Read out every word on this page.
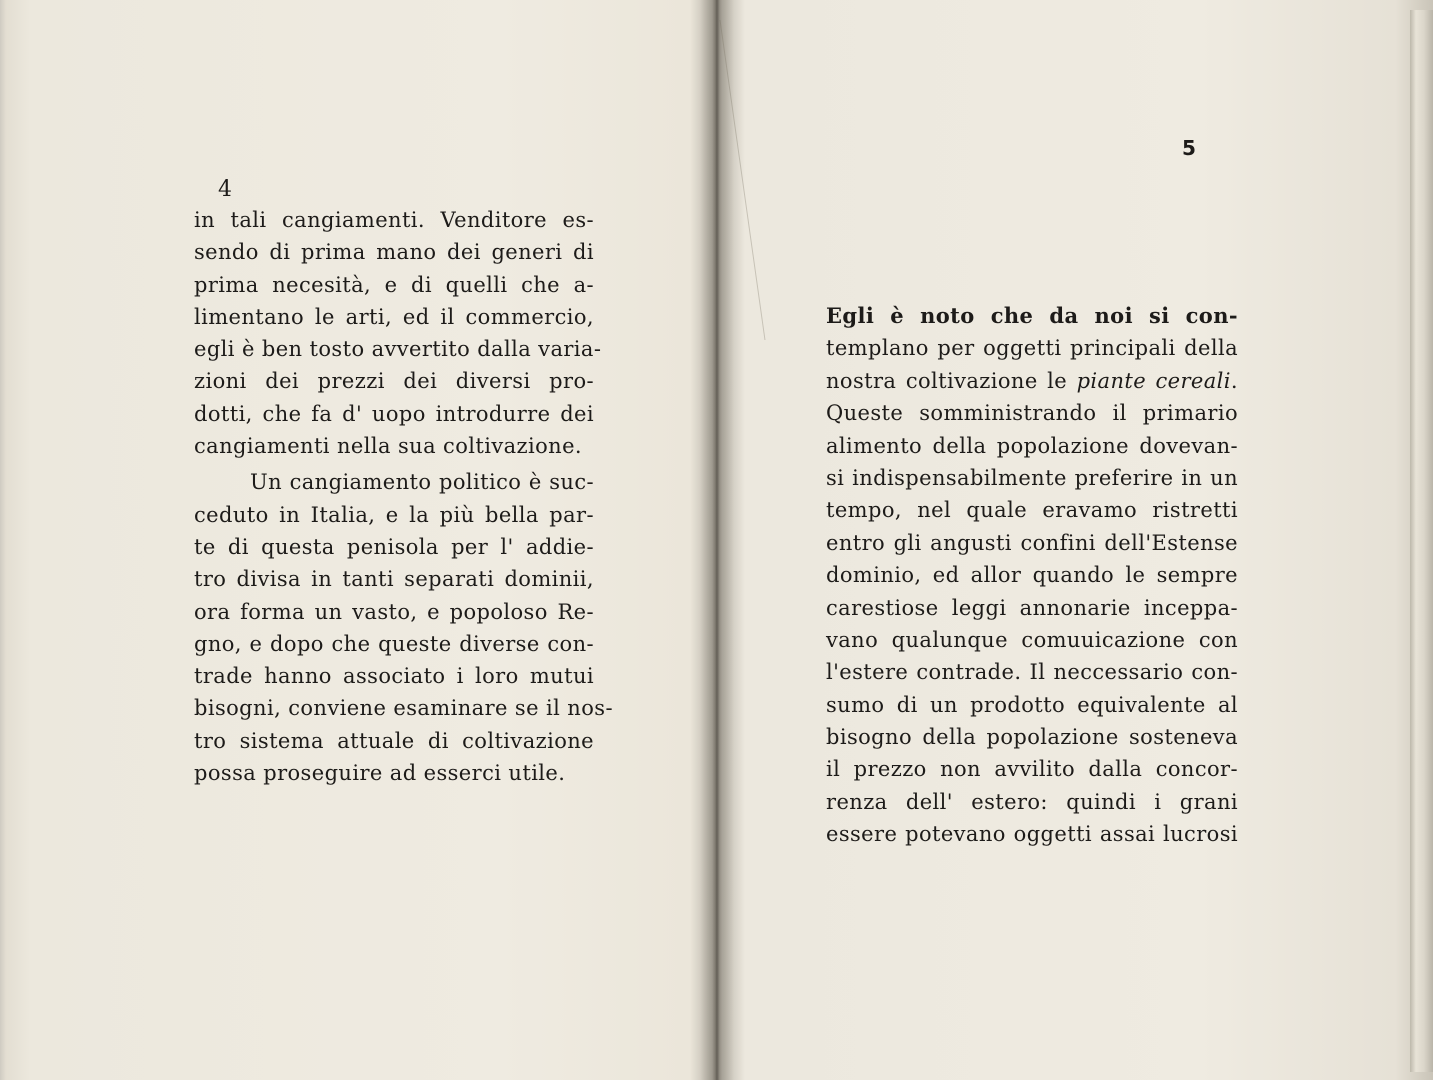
4
in tali cangiamenti. Venditore es-
sendo di prima mano dei generi di
prima necesità, e di quelli che a-
limentano le arti, ed il commercio,
egli è ben tosto avvertito dalla varia-
zioni dei prezzi dei diversi pro-
dotti, che fa d' uopo introdurre dei
cangiamenti nella sua coltivazione.
Un cangiamento politico è suc-
ceduto in Italia, e la più bella par-
te di questa penisola per l' addie-
tro divisa in tanti separati dominii,
ora forma un vasto, e popoloso Re-
gno, e dopo che queste diverse con-
trade hanno associato i loro mutui
bisogni, conviene esaminare se il nos-
tro sistema attuale di coltivazione
possa proseguire ad esserci utile.
5
Egli è noto che da noi si con-
templano per oggetti principali della
nostra coltivazione le piante cereali.
Queste somministrando il primario
alimento della popolazione dovevan-
si indispensabilmente preferire in un
tempo, nel quale eravamo ristretti
entro gli angusti confini dell'Estense
dominio, ed allor quando le sempre
carestiose leggi annonarie inceppa-
vano qualunque comuuicazione con
l'estere contrade. Il neccessario con-
sumo di un prodotto equivalente al
bisogno della popolazione sosteneva
il prezzo non avvilito dalla concor-
renza dell' estero: quindi i grani
essere potevano oggetti assai lucrosi
